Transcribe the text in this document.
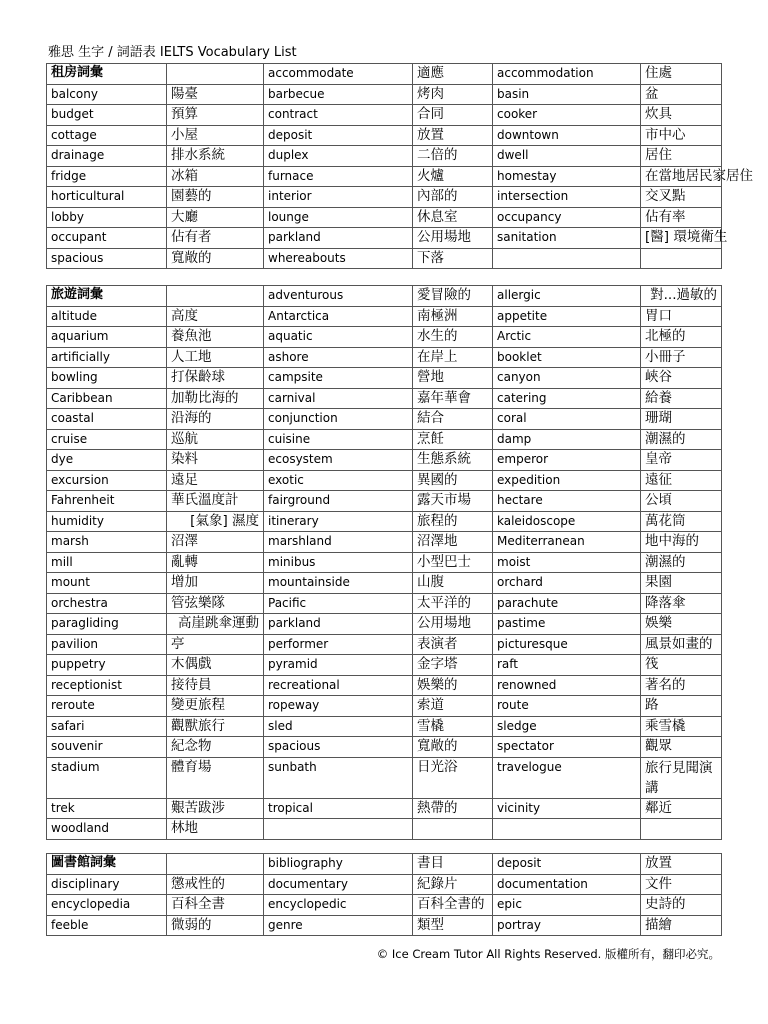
雅思 生字 / 詞語表 IELTS Vocabulary List
租房詞彙		accommodate	適應	accommodation	住處
balcony	陽臺	barbecue	烤肉	basin	盆
budget	預算	contract	合同	cooker	炊具
cottage	小屋	deposit	放置	downtown	市中心
drainage	排水系統	duplex	二倍的	dwell	居住
fridge	冰箱	furnace	火爐	homestay	在當地居民家居住
horticultural	園藝的	interior	內部的	intersection	交叉點
lobby	大廳	lounge	休息室	occupancy	佔有率
occupant	佔有者	parkland	公用場地	sanitation	[醫] 環境衛生
spacious	寬敞的	whereabouts	下落		
旅遊詞彙		adventurous	愛冒險的	allergic	對...過敏的
altitude	高度	Antarctica	南極洲	appetite	胃口
aquarium	養魚池	aquatic	水生的	Arctic	北極的
artificially	人工地	ashore	在岸上	booklet	小冊子
bowling	打保齡球	campsite	營地	canyon	峽谷
Caribbean	加勒比海的	carnival	嘉年華會	catering	給養
coastal	沿海的	conjunction	結合	coral	珊瑚
cruise	巡航	cuisine	烹飪	damp	潮濕的
dye	染料	ecosystem	生態系統	emperor	皇帝
excursion	遠足	exotic	異國的	expedition	遠征
Fahrenheit	華氏溫度計	fairground	露天市場	hectare	公頃
humidity	[氣象] 濕度	itinerary	旅程的	kaleidoscope	萬花筒
marsh	沼澤	marshland	沼澤地	Mediterranean	地中海的
mill	亂轉	minibus	小型巴士	moist	潮濕的
mount	增加	mountainside	山腹	orchard	果園
orchestra	管弦樂隊	Pacific	太平洋的	parachute	降落傘
paragliding	高崖跳傘運動	parkland	公用場地	pastime	娛樂
pavilion	亭	performer	表演者	picturesque	風景如畫的
puppetry	木偶戲	pyramid	金字塔	raft	筏
receptionist	接待員	recreational	娛樂的	renowned	著名的
reroute	變更旅程	ropeway	索道	route	路
safari	觀獸旅行	sled	雪橇	sledge	乘雪橇
souvenir	紀念物	spacious	寬敞的	spectator	觀眾
stadium	體育場	sunbath	日光浴	travelogue	旅行見聞演講
trek	艱苦跋涉	tropical	熱帶的	vicinity	鄰近
woodland	林地				
圖書館詞彙		bibliography	書目	deposit	放置
disciplinary	懲戒性的	documentary	紀錄片	documentation	文件
encyclopedia	百科全書	encyclopedic	百科全書的	epic	史詩的
feeble	微弱的	genre	類型	portray	描繪
© Ice Cream Tutor All Rights Reserved. 版權所有，翻印必究。
